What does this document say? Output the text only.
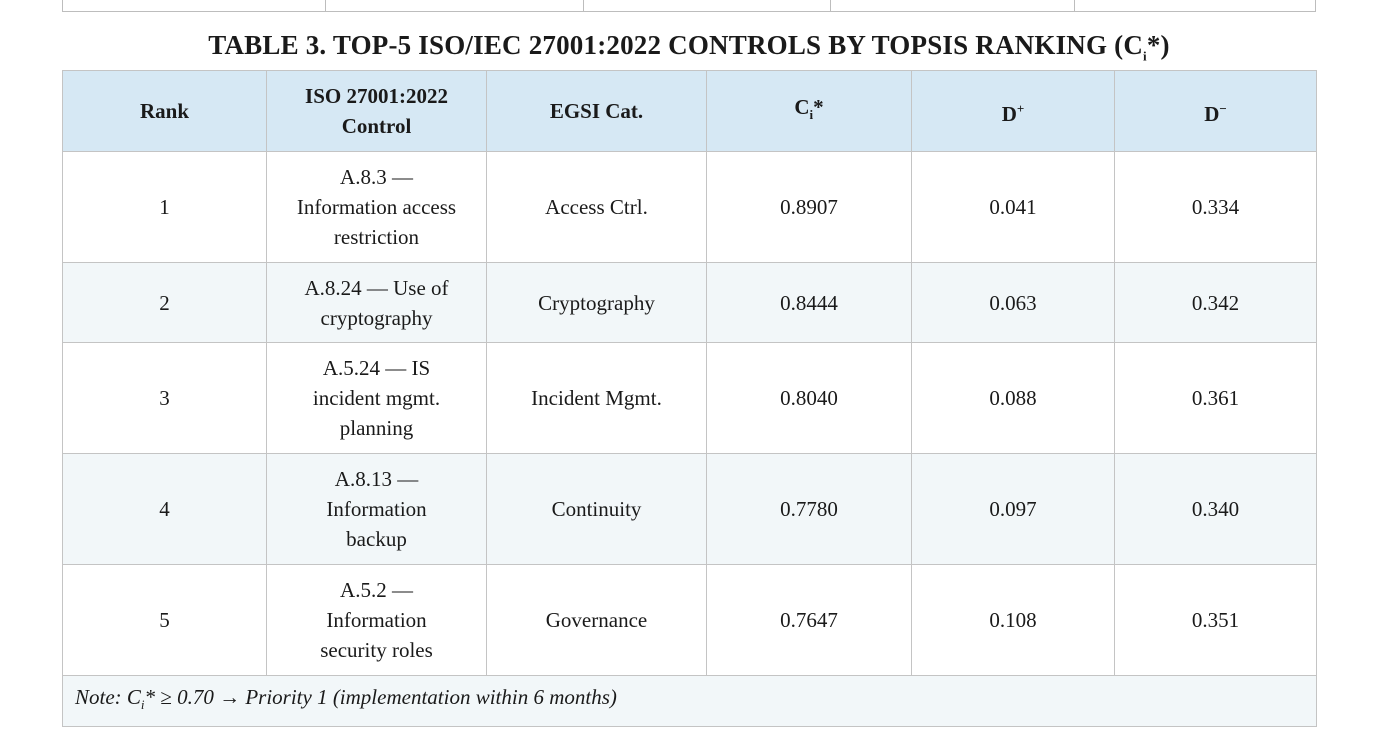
TABLE 3. TOP-5 ISO/IEC 27001:2022 CONTROLS BY TOPSIS RANKING $(C_i*)$
Rank	ISO 27001:2022
Control	EGSI Cat.	$C_i*$	D+	D−
1	A.8.3 —
Information access
restriction	Access Ctrl.	0.8907	0.041	0.334
2	A.8.24 — Use of
cryptography	Cryptography	0.8444	0.063	0.342
3	A.5.24 — IS
incident mgmt.
planning	Incident Mgmt.	0.8040	0.088	0.361
4	A.8.13 —
Information
backup	Continuity	0.7780	0.097	0.340
5	A.5.2 —
Information
security roles	Governance	0.7647	0.108	0.351
Note: $C_i* \ge 0.70$ → Priority 1 (implementation within 6 months)					
